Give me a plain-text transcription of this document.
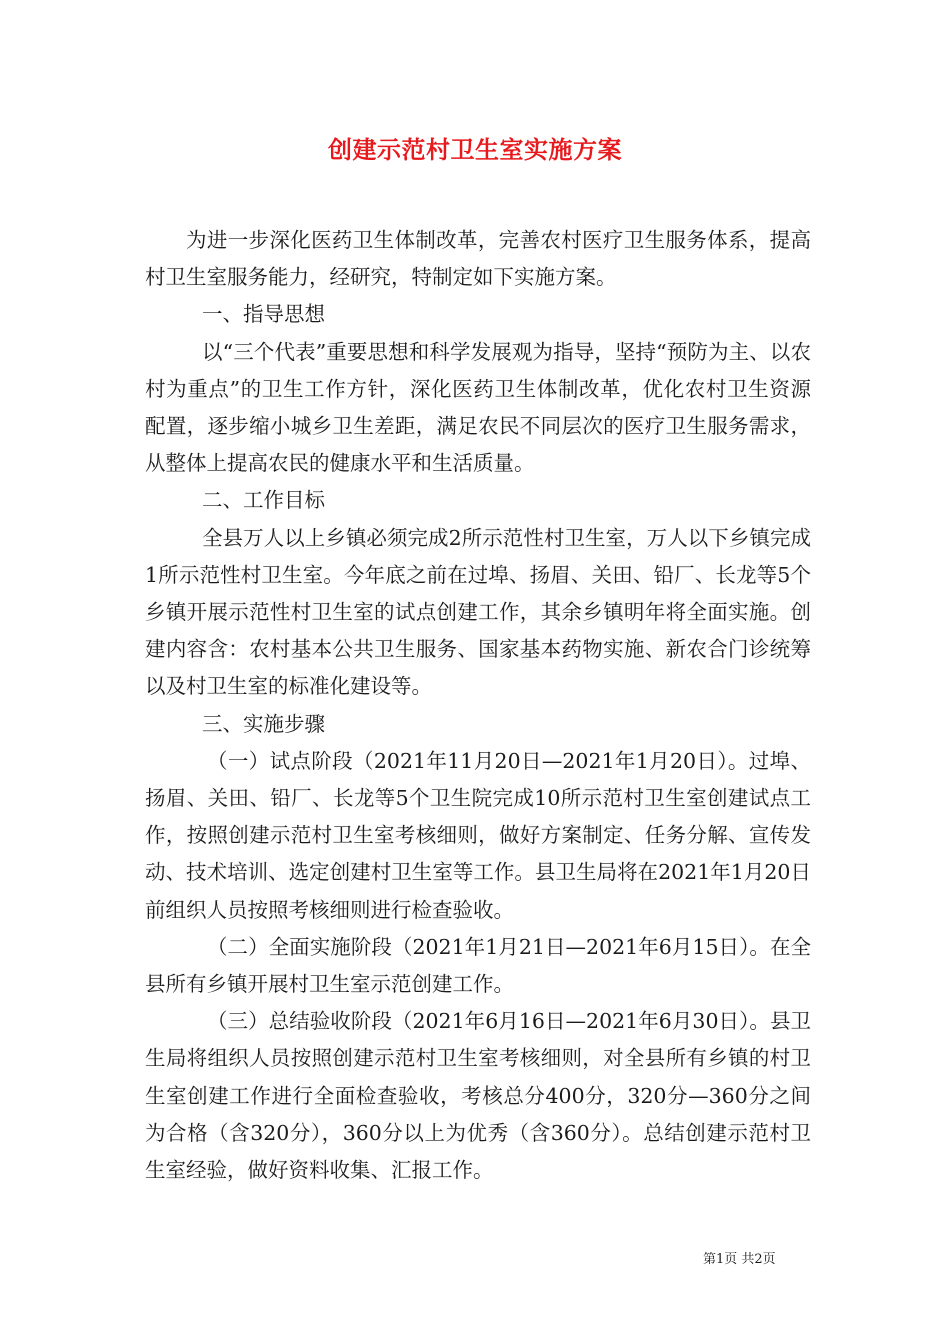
创建示范村卫生室实施方案

为进一步深化医药卫生体制改革，完善农村医疗卫生服务体系，提高村卫生室服务能力，经研究，特制定如下实施方案。

一、指导思想

以“三个代表”重要思想和科学发展观为指导，坚持“预防为主、以农村为重点”的卫生工作方针，深化医药卫生体制改革，优化农村卫生资源配置，逐步缩小城乡卫生差距，满足农民不同层次的医疗卫生服务需求，从整体上提高农民的健康水平和生活质量。

二、工作目标

全县万人以上乡镇必须完成2所示范性村卫生室，万人以下乡镇完成1所示范性村卫生室。今年底之前在过埠、扬眉、关田、铅厂、长龙等5个乡镇开展示范性村卫生室的试点创建工作，其余乡镇明年将全面实施。创建内容含：农村基本公共卫生服务、国家基本药物实施、新农合门诊统筹以及村卫生室的标准化建设等。

三、实施步骤

（一）试点阶段（2021年11月20日—2021年1月20日）。过埠、扬眉、关田、铅厂、长龙等5个卫生院完成10所示范村卫生室创建试点工作，按照创建示范村卫生室考核细则，做好方案制定、任务分解、宣传发动、技术培训、选定创建村卫生室等工作。县卫生局将在2021年1月20日前组织人员按照考核细则进行检查验收。

（二）全面实施阶段（2021年1月21日—2021年6月15日）。在全县所有乡镇开展村卫生室示范创建工作。

（三）总结验收阶段（2021年6月16日—2021年6月30日）。县卫生局将组织人员按照创建示范村卫生室考核细则，对全县所有乡镇的村卫生室创建工作进行全面检查验收，考核总分400分，320分—360分之间为合格（含320分），360分以上为优秀（含360分）。总结创建示范村卫生室经验，做好资料收集、汇报工作。

第1页 共2页
